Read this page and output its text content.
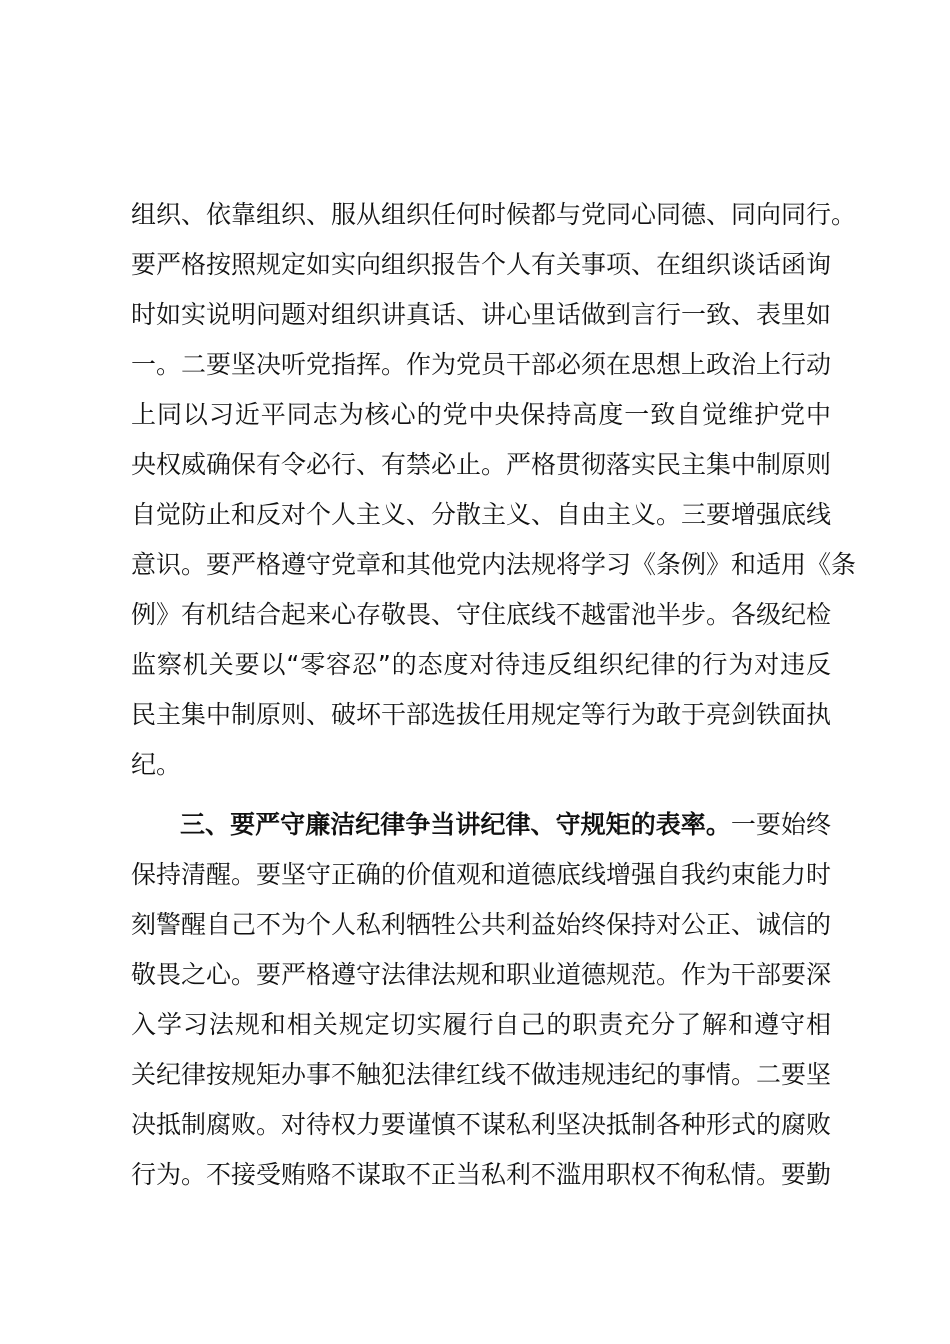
组织、依靠组织、服从组织任何时候都与党同心同德、同向同行。
要严格按照规定如实向组织报告个人有关事项、在组织谈话函询
时如实说明问题对组织讲真话、讲心里话做到言行一致、表里如
一。二要坚决听党指挥。作为党员干部必须在思想上政治上行动
上同以习近平同志为核心的党中央保持高度一致自觉维护党中
央权威确保有令必行、有禁必止。严格贯彻落实民主集中制原则
自觉防止和反对个人主义、分散主义、自由主义。三要增强底线
意识。要严格遵守党章和其他党内法规将学习《条例》和适用《条
例》有机结合起来心存敬畏、守住底线不越雷池半步。各级纪检
监察机关要以“零容忍”的态度对待违反组织纪律的行为对违反
民主集中制原则、破坏干部选拔任用规定等行为敢于亮剑铁面执
纪。
三、要严守廉洁纪律争当讲纪律、守规矩的表率。一要始终
保持清醒。要坚守正确的价值观和道德底线增强自我约束能力时
刻警醒自己不为个人私利牺牲公共利益始终保持对公正、诚信的
敬畏之心。要严格遵守法律法规和职业道德规范。作为干部要深
入学习法规和相关规定切实履行自己的职责充分了解和遵守相
关纪律按规矩办事不触犯法律红线不做违规违纪的事情。二要坚
决抵制腐败。对待权力要谨慎不谋私利坚决抵制各种形式的腐败
行为。不接受贿赂不谋取不正当私利不滥用职权不徇私情。要勤
